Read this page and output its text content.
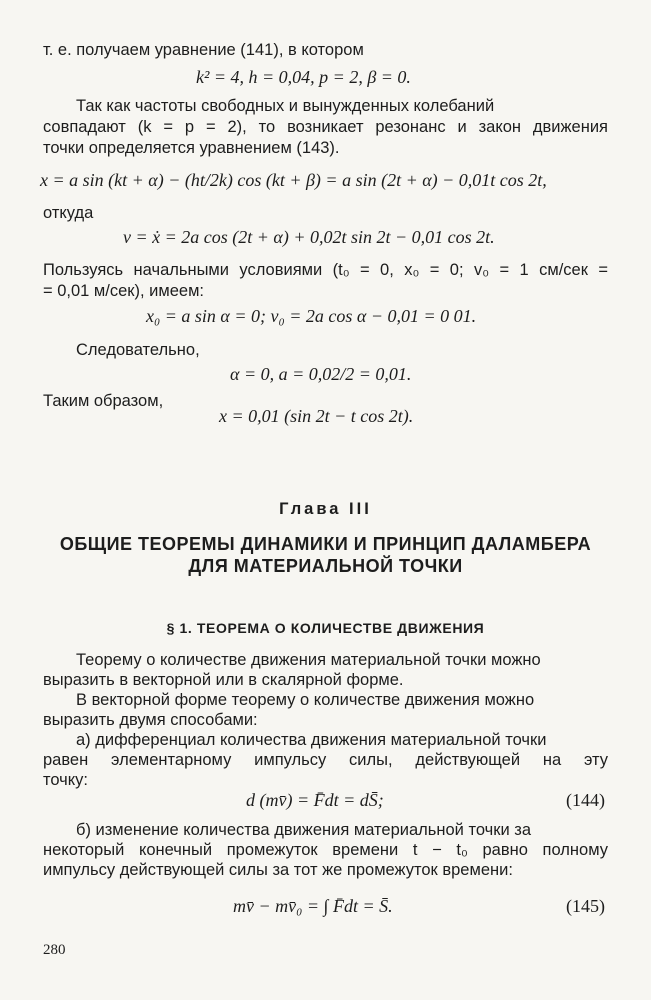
т. е. получаем уравнение (141), в котором
k² = 4, h = 0,04, p = 2, β = 0.
Так как частоты свободных и вынужденных колебаний
совпадают (k = p = 2), то возникает резонанс и закон движения
точки определяется уравнением (143).
x = a sin (kt + α) − (ht/2k) cos (kt + β) = a sin (2t + α) − 0,01t cos 2t,
откуда
v = ẋ = 2a cos (2t + α) + 0,02t sin 2t − 0,01 cos 2t.
Пользуясь начальными условиями (t₀ = 0, x₀ = 0; v₀ = 1 см/сек =
= 0,01 м/сек), имеем:
x₀ = a sin α = 0; v₀ = 2a cos α − 0,01 = 0 01.
Следовательно,
α = 0, a = 0,02/2 = 0,01.
Таким образом,
x = 0,01 (sin 2t − t cos 2t).
Глава III
ОБЩИЕ ТЕОРЕМЫ ДИНАМИКИ И ПРИНЦИП ДАЛАМБЕРА
ДЛЯ МАТЕРИАЛЬНОЙ ТОЧКИ
§ 1. ТЕОРЕМА О КОЛИЧЕСТВЕ ДВИЖЕНИЯ
Теорему о количестве движения материальной точки можно
выразить в векторной или в скалярной форме.
В векторной форме теорему о количестве движения можно
выразить двумя способами:
а) дифференциал количества движения материальной точки
равен элементарному импульсу силы, действующей на эту
точку:
d (mv̄) = F̄dt = dS̄;	(144)
б) изменение количества движения материальной точки за
некоторый конечный промежуток времени t − t₀ равно полному
импульсу действующей силы за тот же промежуток времени:
mv̄ − mv̄₀ = ∫ F̄dt = S̄.	(145)
280
